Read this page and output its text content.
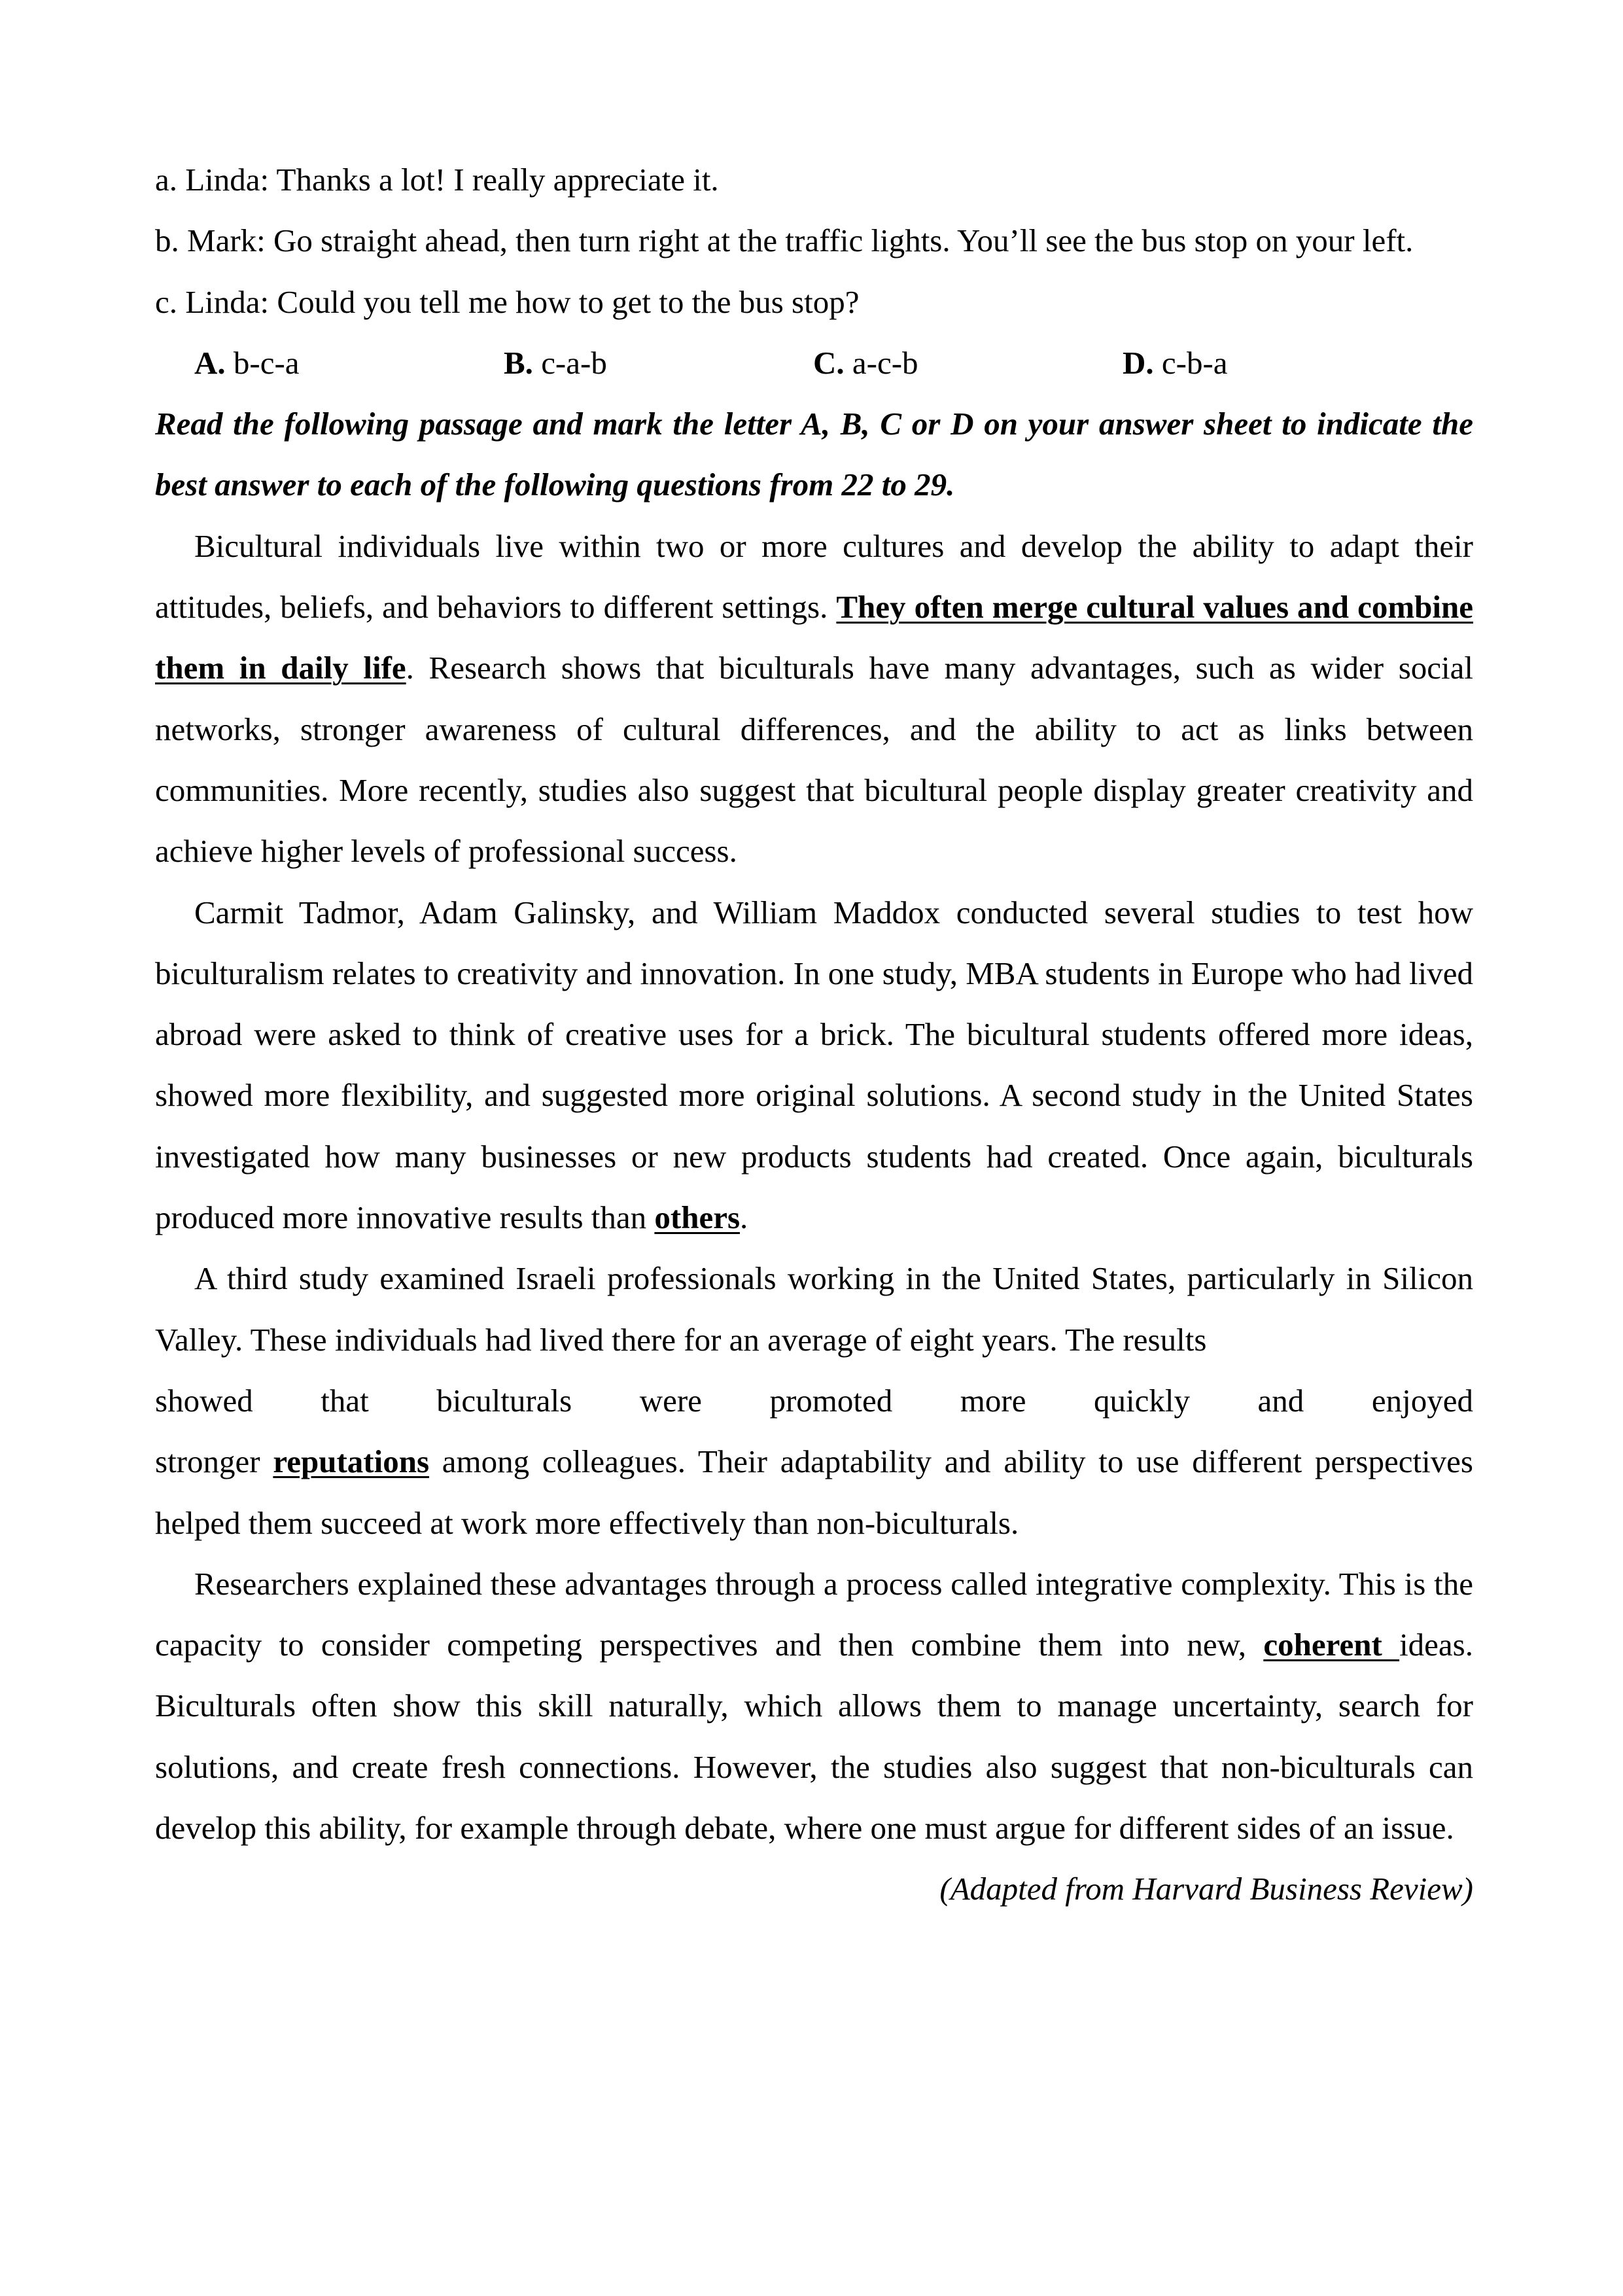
a. Linda: Thanks a lot! I really appreciate it.

b. Mark: Go straight ahead, then turn right at the traffic lights. You’ll see the bus stop on your left.

c. Linda: Could you tell me how to get to the bus stop?

A. b-c-a	B. c-a-b	C. a-c-b	D. c-b-a

Read the following passage and mark the letter A, B, C or D on your answer sheet to indicate the best answer to each of the following questions from 22 to 29.

Bicultural individuals live within two or more cultures and develop the ability to adapt their attitudes, beliefs, and behaviors to different settings. They often merge cultural values and combine them in daily life. Research shows that biculturals have many advantages, such as wider social networks, stronger awareness of cultural differences, and the ability to act as links between communities. More recently, studies also suggest that bicultural people display greater creativity and achieve higher levels of professional success.

Carmit Tadmor, Adam Galinsky, and William Maddox conducted several studies to test how biculturalism relates to creativity and innovation. In one study, MBA students in Europe who had lived abroad were asked to think of creative uses for a brick. The bicultural students offered more ideas, showed more flexibility, and suggested more original solutions. A second study in the United States investigated how many businesses or new products students had created. Once again, biculturals produced more innovative results than others.

A third study examined Israeli professionals working in the United States, particularly in Silicon Valley. These individuals had lived there for an average of eight years. The results

showed that biculturals were promoted more quickly and enjoyed

stronger reputations among colleagues. Their adaptability and ability to use different perspectives helped them succeed at work more effectively than non-biculturals.

Researchers explained these advantages through a process called integrative complexity. This is the capacity to consider competing perspectives and then combine them into new, coherent ideas. Biculturals often show this skill naturally, which allows them to manage uncertainty, search for solutions, and create fresh connections. However, the studies also suggest that non-biculturals can develop this ability, for example through debate, where one must argue for different sides of an issue.

(Adapted from Harvard Business Review)
